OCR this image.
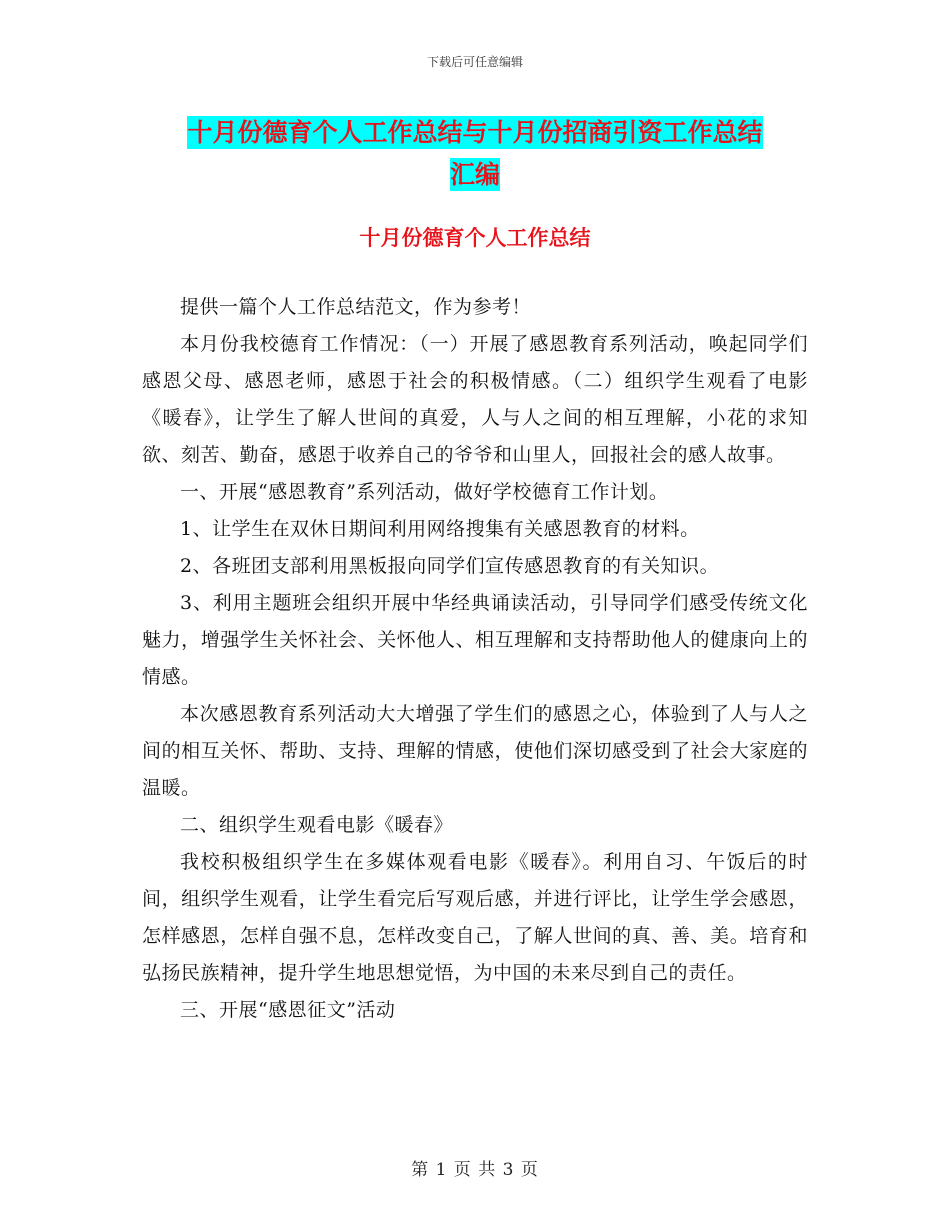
下载后可任意编辑
十月份德育个人工作总结与十月份招商引资工作总结
汇编
十月份德育个人工作总结

提供一篇个人工作总结范文，作为参考！

本月份我校德育工作情况：（一）开展了感恩教育系列活动，唤起同学们感恩父母、感恩老师，感恩于社会的积极情感。（二）组织学生观看了电影《暖春》，让学生了解人世间的真爱，人与人之间的相互理解，小花的求知欲、刻苦、勤奋，感恩于收养自己的爷爷和山里人，回报社会的感人故事。

一、开展“感恩教育”系列活动，做好学校德育工作计划。

1、让学生在双休日期间利用网络搜集有关感恩教育的材料。

2、各班团支部利用黑板报向同学们宣传感恩教育的有关知识。

3、利用主题班会组织开展中华经典诵读活动，引导同学们感受传统文化魅力，增强学生关怀社会、关怀他人、相互理解和支持帮助他人的健康向上的情感。

本次感恩教育系列活动大大增强了学生们的感恩之心，体验到了人与人之间的相互关怀、帮助、支持、理解的情感，使他们深切感受到了社会大家庭的温暖。

二、组织学生观看电影《暖春》

我校积极组织学生在多媒体观看电影《暖春》。利用自习、午饭后的时间，组织学生观看，让学生看完后写观后感，并进行评比，让学生学会感恩，怎样感恩，怎样自强不息，怎样改变自己，了解人世间的真、善、美。培育和弘扬民族精神，提升学生地思想觉悟，为中国的未来尽到自己的责任。

三、开展“感恩征文”活动

第 1 页 共 3 页
